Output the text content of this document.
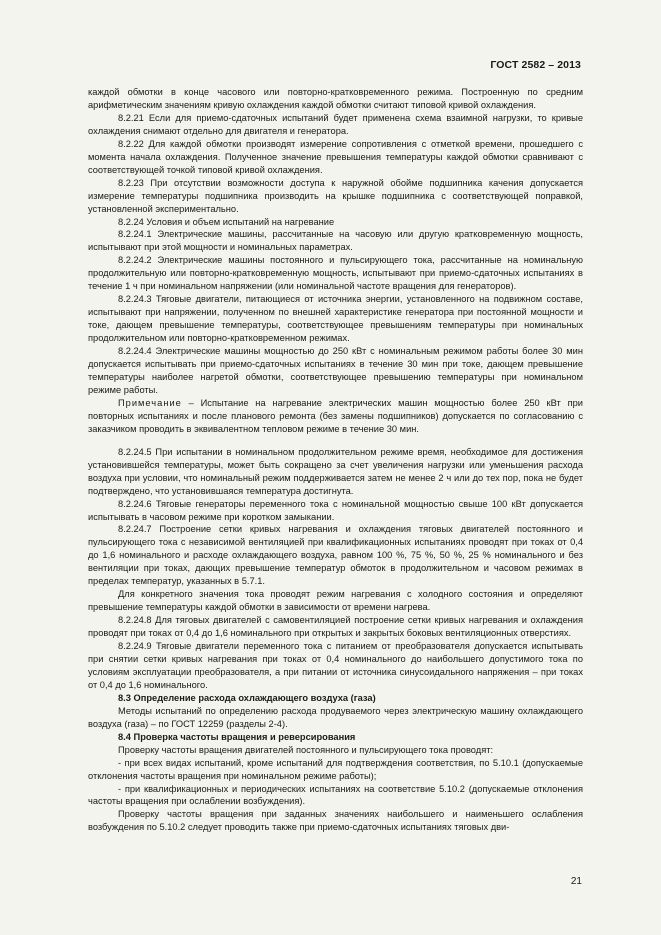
ГОСТ 2582 – 2013

каждой обмотки в конце часового или повторно-кратковременного режима. Построенную по средним арифметическим значениям кривую охлаждения каждой обмотки считают типовой кривой охлаждения.

8.2.21 Если для приемо-сдаточных испытаний будет применена схема взаимной нагрузки, то кривые охлаждения снимают отдельно для двигателя и генератора.

8.2.22 Для каждой обмотки производят измерение сопротивления с отметкой времени, прошедшего с момента начала охлаждения. Полученное значение превышения температуры каждой обмотки сравнивают с соответствующей точкой типовой кривой охлаждения.

8.2.23 При отсутствии возможности доступа к наружной обойме подшипника качения допускается измерение температуры подшипника производить на крышке подшипника с соответствующей поправкой, установленной экспериментально.

8.2.24 Условия и объем испытаний на нагревание

8.2.24.1 Электрические машины, рассчитанные на часовую или другую кратковременную мощность, испытывают при этой мощности и номинальных параметрах.

8.2.24.2 Электрические машины постоянного и пульсирующего тока, рассчитанные на номинальную продолжительную или повторно-кратковременную мощность, испытывают при приемо-сдаточных испытаниях в течение 1 ч при номинальном напряжении (или номинальной частоте вращения для генераторов).

8.2.24.3 Тяговые двигатели, питающиеся от источника энергии, установленного на подвижном составе, испытывают при напряжении, полученном по внешней характеристике генератора при постоянной мощности и токе, дающем превышение температуры, соответствующее превышениям температуры при номинальных продолжительном или повторно-кратковременном режимах.

8.2.24.4 Электрические машины мощностью до 250 кВт с номинальным режимом работы более 30 мин допускается испытывать при приемо-сдаточных испытаниях в течение 30 мин при токе, дающем превышение температуры наиболее нагретой обмотки, соответствующее превышению температуры при номинальном режиме работы.

Примечание – Испытание на нагревание электрических машин мощностью более 250 кВт при повторных испытаниях и после планового ремонта (без замены подшипников) допускается по согласованию с заказчиком проводить в эквивалентном тепловом режиме в течение 30 мин.

8.2.24.5 При испытании в номинальном продолжительном режиме время, необходимое для достижения установившейся температуры, может быть сокращено за счет увеличения нагрузки или уменьшения расхода воздуха при условии, что номинальный режим поддерживается затем не менее 2 ч или до тех пор, пока не будет подтверждено, что установившаяся температура достигнута.

8.2.24.6 Тяговые генераторы переменного тока с номинальной мощностью свыше 100 кВт допускается испытывать в часовом режиме при коротком замыкании.

8.2.24.7 Построение сетки кривых нагревания и охлаждения тяговых двигателей постоянного и пульсирующего тока с независимой вентиляцией при квалификационных испытаниях проводят при токах от 0,4 до 1,6 номинального и расходе охлаждающего воздуха, равном 100 %, 75 %, 50 %, 25 % номинального и без вентиляции при токах, дающих превышение температур обмоток в продолжительном и часовом режимах в пределах температур, указанных в 5.7.1.

Для конкретного значения тока проводят режим нагревания с холодного состояния и определяют превышение температуры каждой обмотки в зависимости от времени нагрева.

8.2.24.8 Для тяговых двигателей с самовентиляцией построение сетки кривых нагревания и охлаждения проводят при токах от 0,4 до 1,6 номинального при открытых и закрытых боковых вентиляционных отверстиях.

8.2.24.9 Тяговые двигатели переменного тока с питанием от преобразователя допускается испытывать при снятии сетки кривых нагревания при токах от 0,4 номинального до наибольшего допустимого тока по условиям эксплуатации преобразователя, а при питании от источника синусоидального напряжения – при токах от 0,4 до 1,6 номинального.

8.3 Определение расхода охлаждающего воздуха (газа)

Методы испытаний по определению расхода продуваемого через электрическую машину охлаждающего воздуха (газа) – по ГОСТ 12259 (разделы 2-4).

8.4 Проверка частоты вращения и реверсирования

Проверку частоты вращения двигателей постоянного и пульсирующего тока проводят:

- при всех видах испытаний, кроме испытаний для подтверждения соответствия, по 5.10.1 (допускаемые отклонения частоты вращения при номинальном режиме работы);

- при квалификационных и периодических испытаниях на соответствие 5.10.2 (допускаемые отклонения частоты вращения при ослаблении возбуждения).

Проверку частоты вращения при заданных значениях наибольшего и наименьшего ослабления возбуждения по 5.10.2 следует проводить также при приемо-сдаточных испытаниях тяговых дви-

21
